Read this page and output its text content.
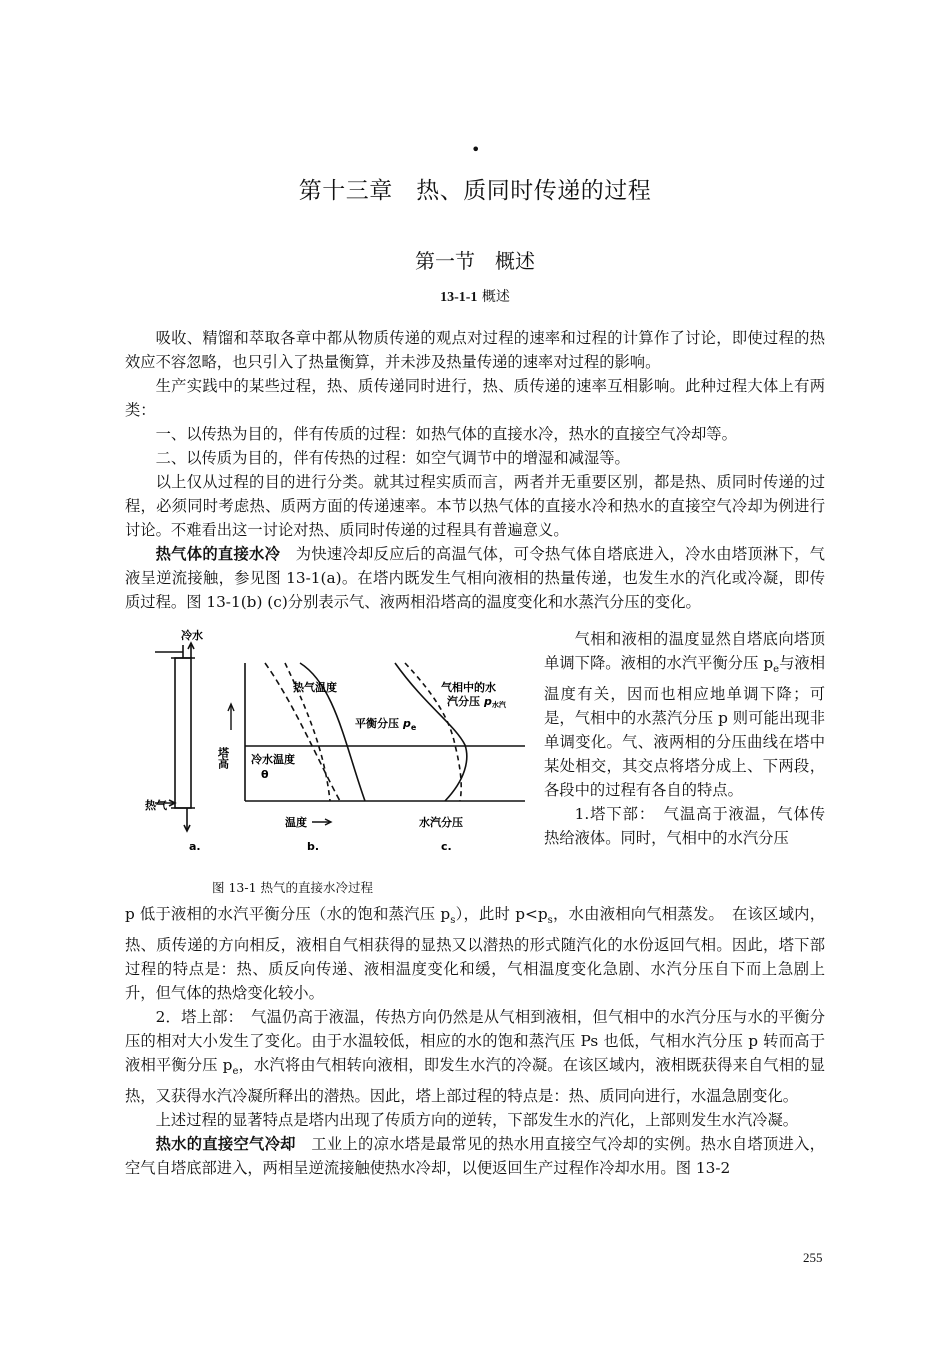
•
第十三章　热、质同时传递的过程
第一节　概述
13-1-1 概述

吸收、精馏和萃取各章中都从物质传递的观点对过程的速率和过程的计算作了讨论，即使过程的热效应不容忽略，也只引入了热量衡算，并未涉及热量传递的速率对过程的影响。

生产实践中的某些过程，热、质传递同时进行，热、质传递的速率互相影响。此种过程大体上有两类：

一、以传热为目的，伴有传质的过程：如热气体的直接水冷，热水的直接空气冷却等。

二、以传质为目的，伴有传热的过程：如空气调节中的增湿和减湿等。

以上仅从过程的目的进行分类。就其过程实质而言，两者并无重要区别，都是热、质同时传递的过程，必须同时考虑热、质两方面的传递速率。本节以热气体的直接水冷和热水的直接空气冷却为例进行讨论。不难看出这一讨论对热、质同时传递的过程具有普遍意义。

热气体的直接水冷　为快速冷却反应后的高温气体，可令热气体自塔底进入，冷水由塔顶淋下，气液呈逆流接触，参见图 13-1(a)。在塔内既发生气相向液相的热量传递，也发生水的汽化或冷凝，即传质过程。图 13-1(b) (c)分别表示气、液两相沿塔高的温度变化和水蒸汽分压的变化。

冷水
热气
塔高
热气温度
冷水温度
θ
平衡分压 $p_e$
气相中的水
汽分压 p水汽
温度	水汽分压
a.	b.	c.
图 13-1 热气的直接水冷过程

气相和液相的温度显然自塔底向塔顶单调下降。液相的水汽平衡分压 $p_e$与液相温度有关，因而也相应地单调下降；可是，气相中的水蒸汽分压 p 则可能出现非单调变化。气、液两相的分压曲线在塔中某处相交，其交点将塔分成上、下两段，各段中的过程有各自的特点。

1.塔下部：　气温高于液温，气体传热给液体。同时，气相中的水汽分压

p 低于液相的水汽平衡分压（水的饱和蒸汽压 $p_s$），此时 $p<p_s$，水由液相向气相蒸发。　在该区域内，热、质传递的方向相反，液相自气相获得的显热又以潜热的形式随汽化的水份返回气相。因此，塔下部过程的特点是：热、质反向传递、液相温度变化和缓，气相温度变化急剧、水汽分压自下而上急剧上升，但气体的热焓变化较小。

2．塔上部：　气温仍高于液温，传热方向仍然是从气相到液相，但气相中的水汽分压与水的平衡分压的相对大小发生了变化。由于水温较低，相应的水的饱和蒸汽压 Ps 也低，气相水汽分压 p 转而高于液相平衡分压 $p_e$，水汽将由气相转向液相，即发生水汽的冷凝。在该区域内，液相既获得来自气相的显热，又获得水汽冷凝所释出的潜热。因此，塔上部过程的特点是：热、质同向进行，水温急剧变化。

上述过程的显著特点是塔内出现了传质方向的逆转，下部发生水的汽化，上部则发生水汽冷凝。

热水的直接空气冷却　工业上的凉水塔是最常见的热水用直接空气冷却的实例。热水自塔顶进入，空气自塔底部进入，两相呈逆流接触使热水冷却，以便返回生产过程作冷却水用。图 13-2

255
